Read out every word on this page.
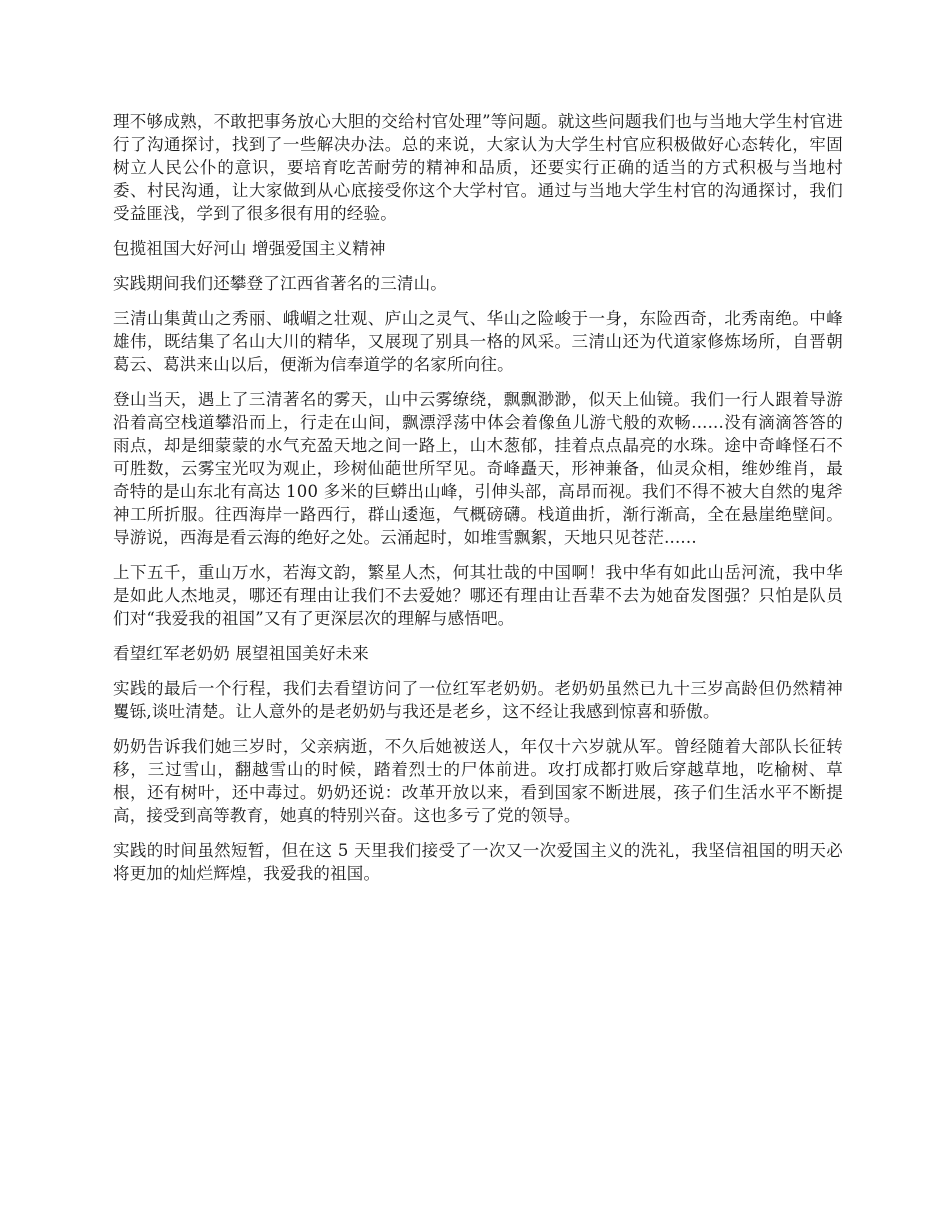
理不够成熟，不敢把事务放心大胆的交给村官处理”等问题。就这些问题我们也与当地大学生村官进行了沟通探讨，找到了一些解决办法。总的来说，大家认为大学生村官应积极做好心态转化，牢固树立人民公仆的意识，要培育吃苦耐劳的精神和品质，还要实行正确的适当的方式积极与当地村委、村民沟通，让大家做到从心底接受你这个大学村官。通过与当地大学生村官的沟通探讨，我们受益匪浅，学到了很多很有用的经验。

包揽祖国大好河山 增强爱国主义精神

实践期间我们还攀登了江西省著名的三清山。

三清山集黄山之秀丽、峨嵋之壮观、庐山之灵气、华山之险峻于一身，东险西奇，北秀南绝。中峰雄伟，既结集了名山大川的精华，又展现了别具一格的风采。三清山还为代道家修炼场所，自晋朝葛云、葛洪来山以后，便渐为信奉道学的名家所向往。

登山当天，遇上了三清著名的雾天，山中云雾缭绕，飘飘渺渺，似天上仙镜。我们一行人跟着导游沿着高空栈道攀沿而上，行走在山间，飘漂浮荡中体会着像鱼儿游弋般的欢畅......没有滴滴答答的雨点，却是细蒙蒙的水气充盈天地之间一路上，山木葱郁，挂着点点晶亮的水珠。途中奇峰怪石不可胜数，云雾宝光叹为观止，珍树仙葩世所罕见。奇峰矗天，形神兼备，仙灵众相，维妙维肖，最奇特的是山东北有高达 100 多米的巨蟒出山峰，引伸头部，高昂而视。我们不得不被大自然的鬼斧神工所折服。往西海岸一路西行，群山逶迤，气概磅礴。栈道曲折，渐行渐高，全在悬崖绝壁间。导游说，西海是看云海的绝好之处。云涌起时，如堆雪飘絮，天地只见苍茫......

上下五千，重山万水，若海文韵，繁星人杰，何其壮哉的中国啊！我中华有如此山岳河流，我中华是如此人杰地灵，哪还有理由让我们不去爱她？哪还有理由让吾辈不去为她奋发图强？只怕是队员们对“我爱我的祖国”又有了更深层次的理解与感悟吧。

看望红军老奶奶 展望祖国美好未来

实践的最后一个行程，我们去看望访问了一位红军老奶奶。老奶奶虽然已九十三岁高龄但仍然精神矍铄,谈吐清楚。让人意外的是老奶奶与我还是老乡，这不经让我感到惊喜和骄傲。

奶奶告诉我们她三岁时，父亲病逝，不久后她被送人，年仅十六岁就从军。曾经随着大部队长征转移，三过雪山，翻越雪山的时候，踏着烈士的尸体前进。攻打成都打败后穿越草地，吃榆树、草根，还有树叶，还中毒过。奶奶还说：改革开放以来，看到国家不断进展，孩子们生活水平不断提高，接受到高等教育，她真的特别兴奋。这也多亏了党的领导。

实践的时间虽然短暂，但在这 5 天里我们接受了一次又一次爱国主义的洗礼，我坚信祖国的明天必将更加的灿烂辉煌，我爱我的祖国。
